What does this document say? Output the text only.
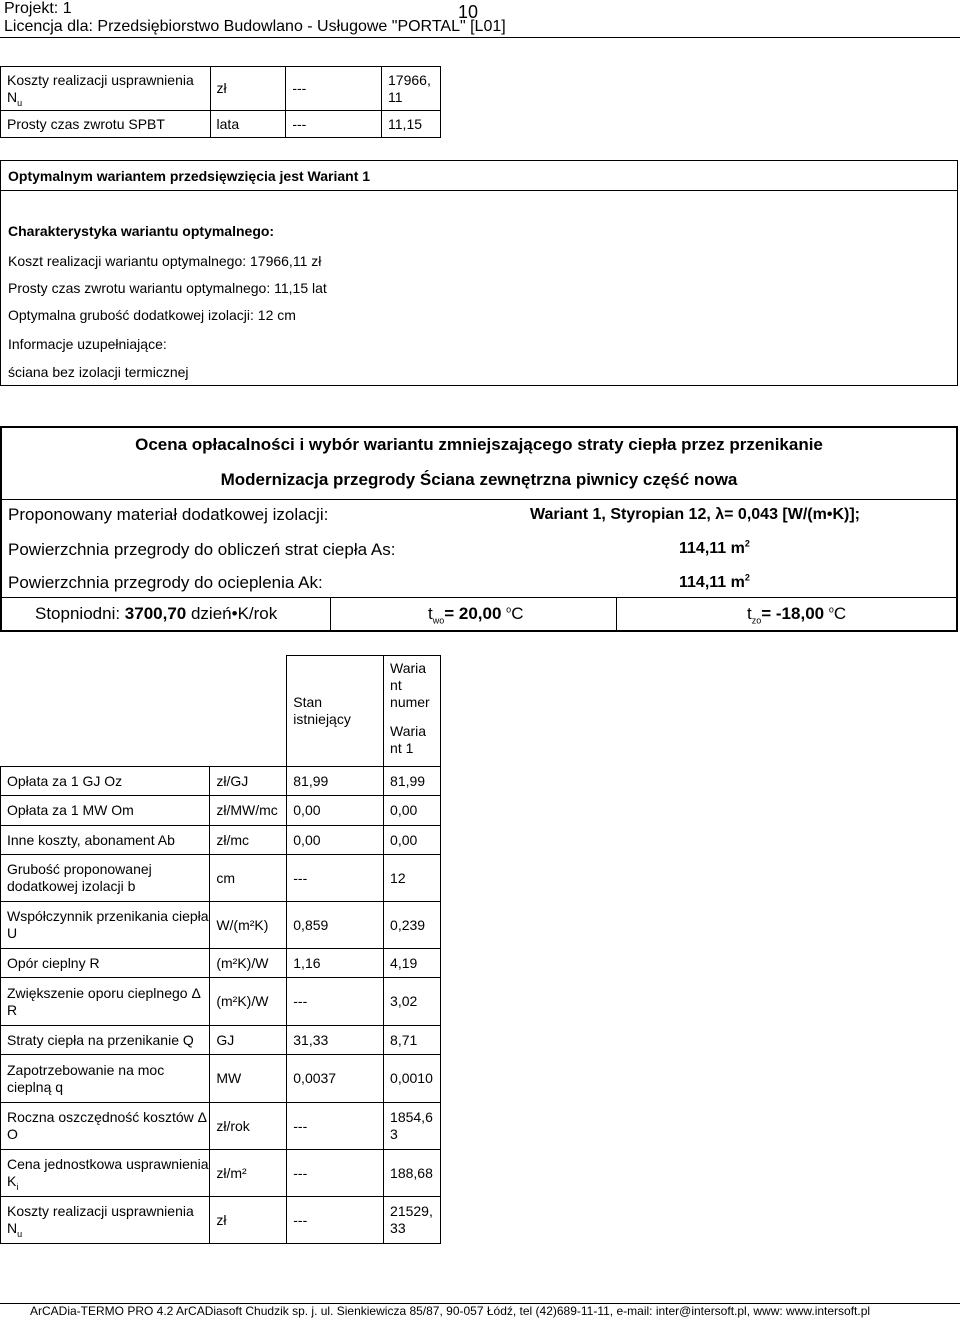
Projekt: 1	10
Licencja dla: Przedsiębiorstwo Budowlano - Usługowe "PORTAL" [L01]
Koszty realizacji usprawnienia $N_u$	zł	---	17966,
11
Prosty czas zwrotu SPBT	lata	---	11,15
Optymalnym wariantem przedsięwzięcia jest Wariant 1
Charakterystyka wariantu optymalnego:
Koszt realizacji wariantu optymalnego: 17966,11 zł
Prosty czas zwrotu wariantu optymalnego: 11,15 lat
Optymalna grubość dodatkowej izolacji: 12 cm
Informacje uzupełniające:
ściana bez izolacji termicznej
Ocena opłacalności i wybór wariantu zmniejszającego straty ciepła przez przenikanie
Modernizacja przegrody Ściana zewnętrzna piwnicy część nowa
Proponowany materiał dodatkowej izolacji:	Wariant 1, Styropian 12, λ= 0,043 [W/(m•K)];
Powierzchnia przegrody do obliczeń strat ciepła As:	114,11 $m^2$
Powierzchnia przegrody do ocieplenia Ak:	114,11 $m^2$
Stopniodni: 3700,70 dzień•K/rok	$t_{wo}= 20,00$ $^o$C	$t_{zo}= -18,00$ $^o$C
		Stan
istniejący	Waria
nt
numer
Waria
nt 1
Opłata za 1 GJ Oz	zł/GJ	81,99	81,99
Opłata za 1 MW Om	zł/MW/mc	0,00	0,00
Inne koszty, abonament Ab	zł/mc	0,00	0,00
Grubość proponowanej dodatkowej izolacji b	cm	---	12
Współczynnik przenikania ciepła U	W/(m²K)	0,859	0,239
Opór cieplny R	(m²K)/W	1,16	4,19
Zwiększenie oporu cieplnego Δ R	(m²K)/W	---	3,02
Straty ciepła na przenikanie Q	GJ	31,33	8,71
Zapotrzebowanie na moc cieplną q	MW	0,0037	0,0010
Roczna oszczędność kosztów Δ O	zł/rok	---	1854,6 3
Cena jednostkowa usprawnienia $K_i$	zł/m²	---	188,68
Koszty realizacji usprawnienia $N_u$	zł	---	21529, 33
ArCADia-TERMO PRO 4.2 ArCADiasoft Chudzik sp. j. ul. Sienkiewicza 85/87, 90-057 Łódź, tel (42)689-11-11, e-mail: inter@intersoft.pl, www: www.intersoft.pl
